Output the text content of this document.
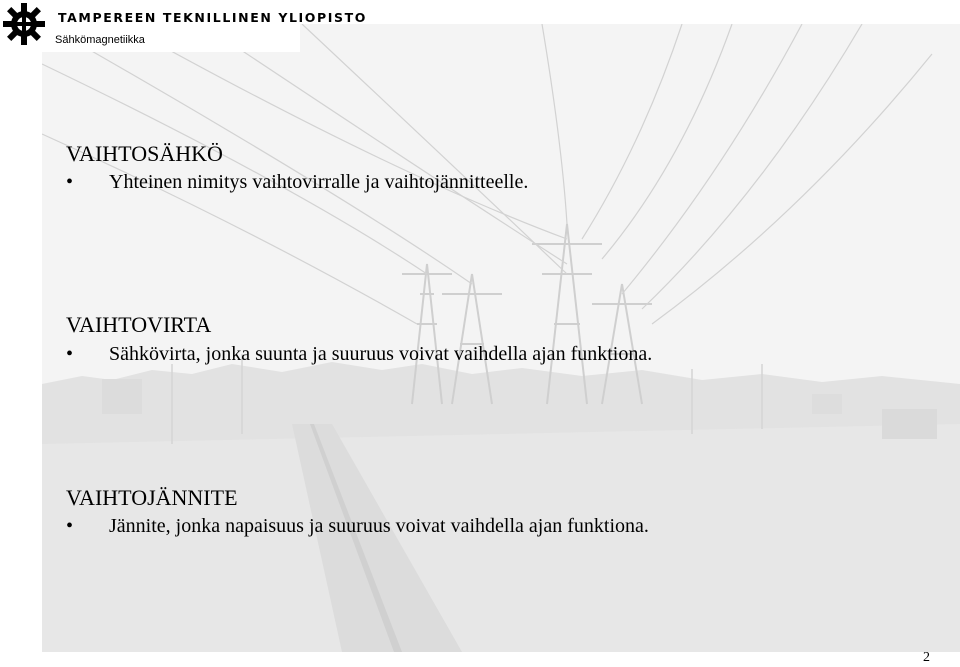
TAMPEREEN TEKNILLINEN YLIOPISTO
Sähkömagnetiikka
VAIHTOSÄHKÖ
• Yhteinen nimitys vaihtovirralle ja vaihtojännitteelle.
VAIHTOVIRTA
• Sähkövirta, jonka suunta ja suuruus voivat vaihdella ajan funktiona.
VAIHTOJÄNNITE
• Jännite, jonka napaisuus ja suuruus voivat vaihdella ajan funktiona.
2
